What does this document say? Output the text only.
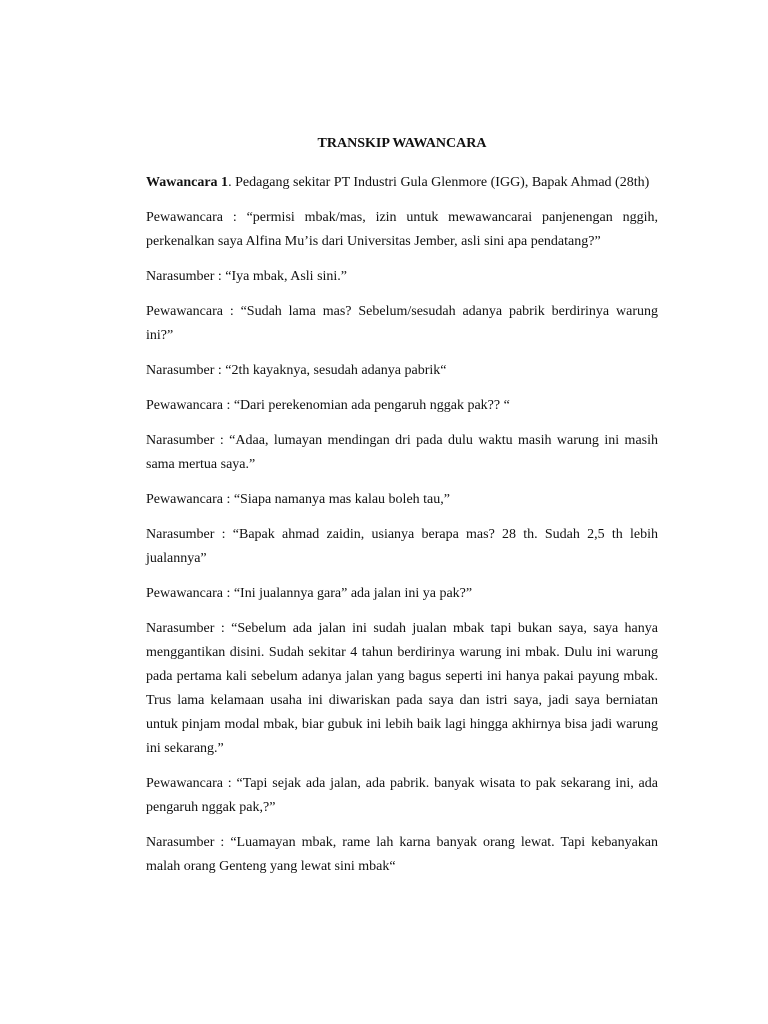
TRANSKIP WAWANCARA

Wawancara 1. Pedagang sekitar PT Industri Gula Glenmore (IGG), Bapak Ahmad (28th)

Pewawancara : “permisi mbak/mas, izin untuk mewawancarai panjenengan nggih, perkenalkan saya Alfina Mu’is dari Universitas Jember, asli sini apa pendatang?”

Narasumber : “Iya mbak, Asli sini.”

Pewawancara : “Sudah lama mas? Sebelum/sesudah adanya pabrik berdirinya warung ini?”

Narasumber : “2th kayaknya, sesudah adanya pabrik“

Pewawancara : “Dari perekenomian ada pengaruh nggak pak?? “

Narasumber : “Adaa, lumayan mendingan dri pada dulu waktu masih warung ini masih sama mertua saya.”

Pewawancara : “Siapa namanya mas kalau boleh tau,”

Narasumber : “Bapak ahmad zaidin, usianya berapa mas? 28 th. Sudah 2,5 th lebih jualannya”

Pewawancara : “Ini jualannya gara” ada jalan ini ya pak?”

Narasumber : “Sebelum ada jalan ini sudah jualan mbak tapi bukan saya, saya hanya menggantikan disini. Sudah sekitar 4 tahun berdirinya warung ini mbak. Dulu ini warung pada pertama kali sebelum adanya jalan yang bagus seperti ini hanya pakai payung mbak. Trus lama kelamaan usaha ini diwariskan pada saya dan istri saya, jadi saya berniatan untuk pinjam modal mbak, biar gubuk ini lebih baik lagi hingga akhirnya bisa jadi warung ini sekarang.”

Pewawancara : “Tapi sejak ada jalan, ada pabrik. banyak wisata to pak sekarang ini, ada pengaruh nggak pak,?”

Narasumber : “Luamayan mbak, rame lah karna banyak orang lewat. Tapi kebanyakan malah orang Genteng yang lewat sini mbak“
